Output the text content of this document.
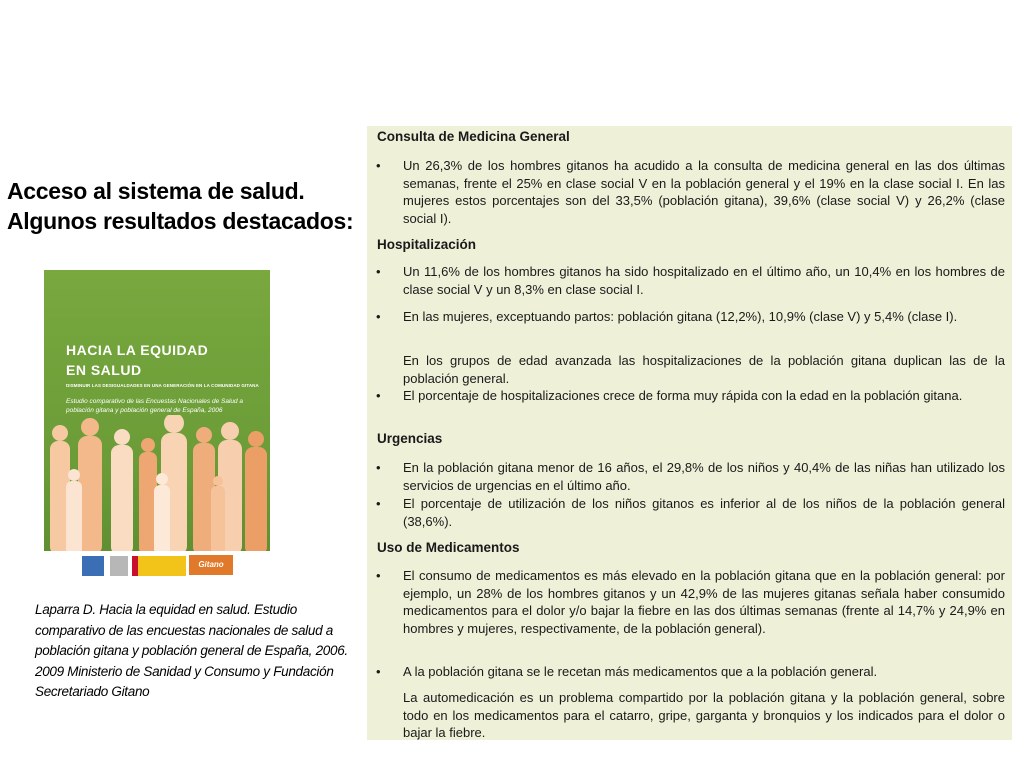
Acceso al sistema de salud.
Algunos resultados destacados:
HACIA LA EQUIDAD
EN SALUD
DISMINUIR LAS DESIGUALDADES EN UNA GENERACIÓN EN LA COMUNIDAD GITANA
Estudio comparativo de las Encuestas Nacionales de Salud a población gitana y población general de España, 2006
Gitano
Laparra D. Hacia la equidad en salud. Estudio comparativo de las encuestas nacionales de salud a población gitana y población general de España, 2006. 2009 Ministerio de Sanidad y Consumo y Fundación Secretariado Gitano
Consulta de Medicina General
• Un 26,3% de los hombres gitanos ha acudido a la consulta de medicina general en las dos últimas semanas, frente el 25% en clase social V en la población general y el 19% en la clase social I. En las mujeres estos porcentajes son del 33,5% (población gitana), 39,6% (clase social V) y 26,2% (clase social I).
Hospitalización
• Un 11,6% de los hombres gitanos ha sido hospitalizado en el último año, un 10,4% en los hombres de clase social V y un 8,3% en clase social I.
• En las mujeres, exceptuando partos: población gitana (12,2%), 10,9% (clase V) y 5,4% (clase I).
En los grupos de edad avanzada las hospitalizaciones de la población gitana duplican las de la población general.
• El porcentaje de hospitalizaciones crece de forma muy rápida con la edad en la población gitana.
Urgencias
• En la población gitana menor de 16 años, el 29,8% de los niños y 40,4% de las niñas han utilizado los servicios de urgencias en el último año.
• El porcentaje de utilización de los niños gitanos es inferior al de los niños de la población general (38,6%).
Uso de Medicamentos
• El consumo de medicamentos es más elevado en la población gitana que en la población general: por ejemplo, un 28% de los hombres gitanos y un 42,9% de las mujeres gitanas señala haber consumido medicamentos para el dolor y/o bajar la fiebre en las dos últimas semanas (frente al 14,7% y 24,9% en hombres y mujeres, respectivamente, de la población general).
• A la población gitana se le recetan más medicamentos que a la población general.
La automedicación es un problema compartido por la población gitana y la población general, sobre todo en los medicamentos para el catarro, gripe, garganta y bronquios y los indicados para el dolor o bajar la fiebre.
